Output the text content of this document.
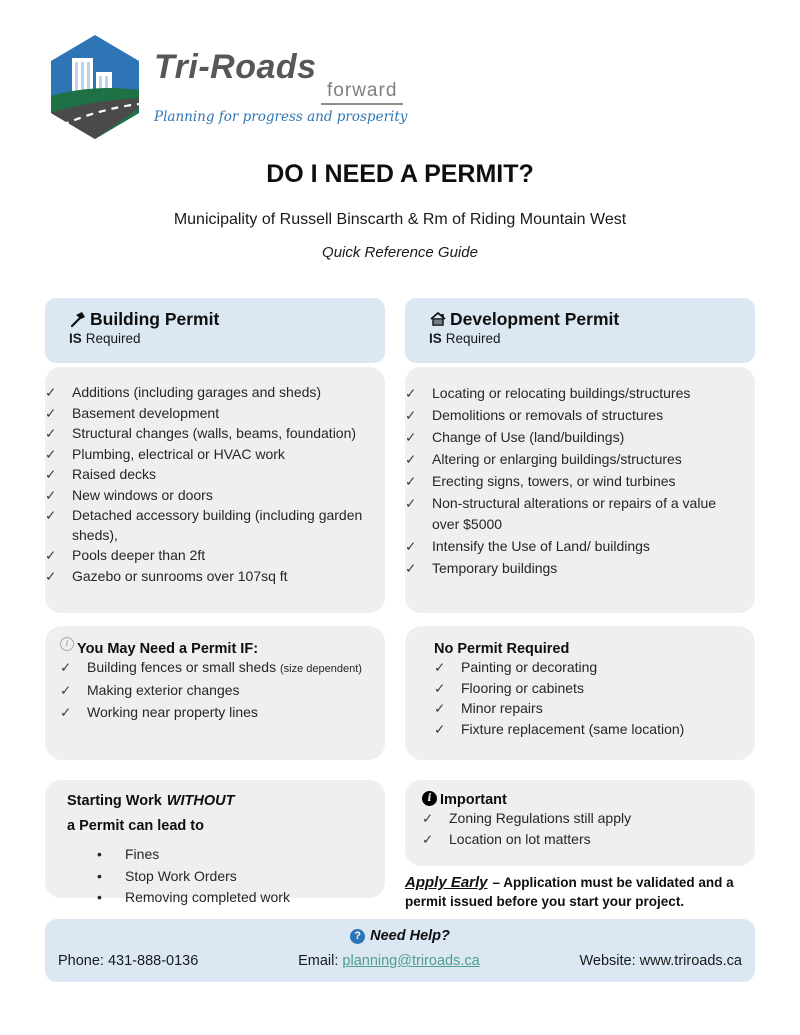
Tri-Roads
forward
Planning for progress and prosperity
DO I NEED A PERMIT?
Municipality of Russell Binscarth & Rm of Riding Mountain West
Quick Reference Guide
Building Permit
IS Required
✓
Additions (including garages and sheds)
✓
Basement development
✓
Structural changes (walls, beams, foundation)
✓
Plumbing, electrical or HVAC work
✓
Raised decks
✓
New windows or doors
✓
Detached accessory building (including garden sheds),
✓
Pools deeper than 2ft
✓
Gazebo or sunrooms over 107sq ft
Development Permit
IS Required
✓
Locating or relocating buildings/structures
✓
Demolitions or removals of structures
✓
Change of Use (land/buildings)
✓
Altering or enlarging buildings/structures
✓
Erecting signs, towers, or wind turbines
✓
Non-structural alterations or repairs of a value over $5000
✓
Intensify the Use of Land/ buildings
✓
Temporary buildings
i
You May Need a Permit IF:
✓
Building fences or small sheds (size dependent)
✓
Making exterior changes
✓
Working near property lines
No Permit Required
✓
Painting or decorating
✓
Flooring or cabinets
✓
Minor repairs
✓
Fixture replacement (same location)
Starting Work WITHOUT
a Permit can lead to
•
Fines
•
Stop Work Orders
•
Removing completed work
i
Important
✓
Zoning Regulations still apply
✓
Location on lot matters
Apply Early – Application must be validated and a permit issued before you start your project.
?
Need Help?
Phone: 431-888-0136	Email: planning@triroads.ca	Website: www.triroads.ca
